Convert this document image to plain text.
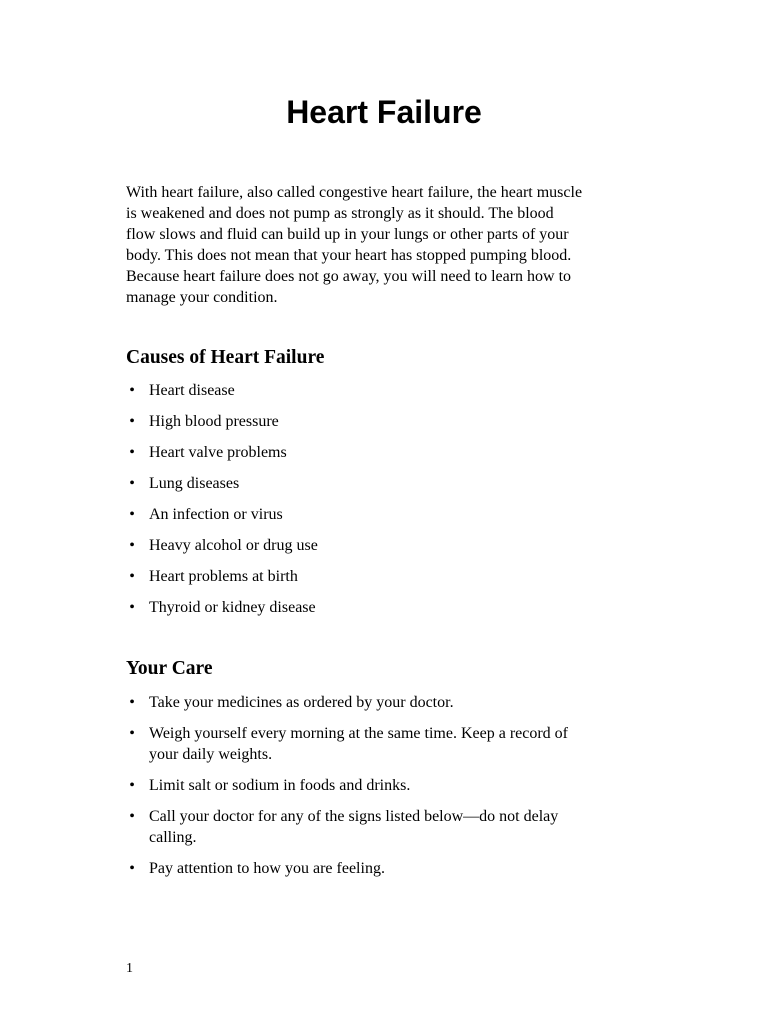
Heart Failure

With heart failure, also called congestive heart failure, the heart muscle
is weakened and does not pump as strongly as it should. The blood
flow slows and fluid can build up in your lungs or other parts of your
body. This does not mean that your heart has stopped pumping blood.
Because heart failure does not go away, you will need to learn how to
manage your condition.

Causes of Heart Failure
• Heart disease
• High blood pressure
• Heart valve problems
• Lung diseases
• An infection or virus
• Heavy alcohol or drug use
• Heart problems at birth
• Thyroid or kidney disease
Your Care
• Take your medicines as ordered by your doctor.
• Weigh yourself every morning at the same time. Keep a record of
your daily weights.
• Limit salt or sodium in foods and drinks.
• Call your doctor for any of the signs listed below—do not delay
calling.
• Pay attention to how you are feeling.

1
